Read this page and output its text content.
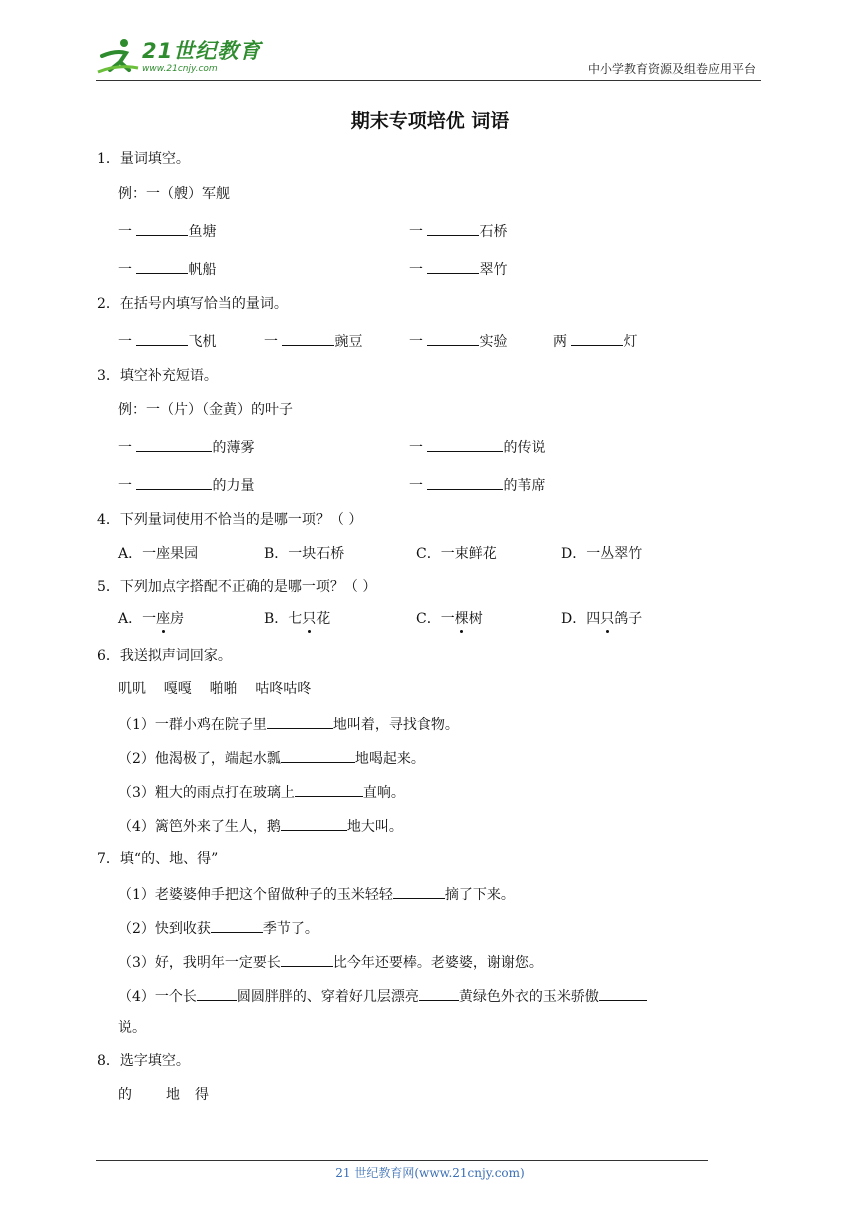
21世纪教育
www.21cnjy.com	中小学教育资源及组卷应用平台
期末专项培优 词语
1．量词填空。
例：一（艘）军舰
一	鱼塘	一	石桥
一	帆船	一	翠竹
2．在括号内填写恰当的量词。
一	飞机	一	豌豆	一	实验	两	灯
3．填空补充短语。
例：一（片）（金黄）的叶子
一	的薄雾	一	的传说
一	的力量	一	的苇席
4．下列量词使用不恰当的是哪一项？（ ）
A．一座果园	B．一块石桥	C．一束鲜花	D．一丛翠竹
5．下列加点字搭配不正确的是哪一项？（ ）
A．一座房	B．七只花	C．一棵树	D．四只鸽子
6．我送拟声词回家。
叽叽    嘎嘎    啪啪    咕咚咕咚
（1）一群小鸡在院子里	地叫着，寻找食物。
（2）他渴极了，端起水瓢	地喝起来。
（3）粗大的雨点打在玻璃上	直响。
（4）篱笆外来了生人，鹅	地大叫。
7．填“的、地、得”
（1）老婆婆伸手把这个留做种子的玉米轻轻	摘了下来。
（2）快到收获	季节了。
（3）好，我明年一定要长	比今年还要棒。老婆婆，谢谢您。
（4）一个长	圆圆胖胖的、穿着好几层漂亮	黄绿色外衣的玉米骄傲
说。
8．选字填空。
的 地 得
21 世纪教育网(www.21cnjy.com)
